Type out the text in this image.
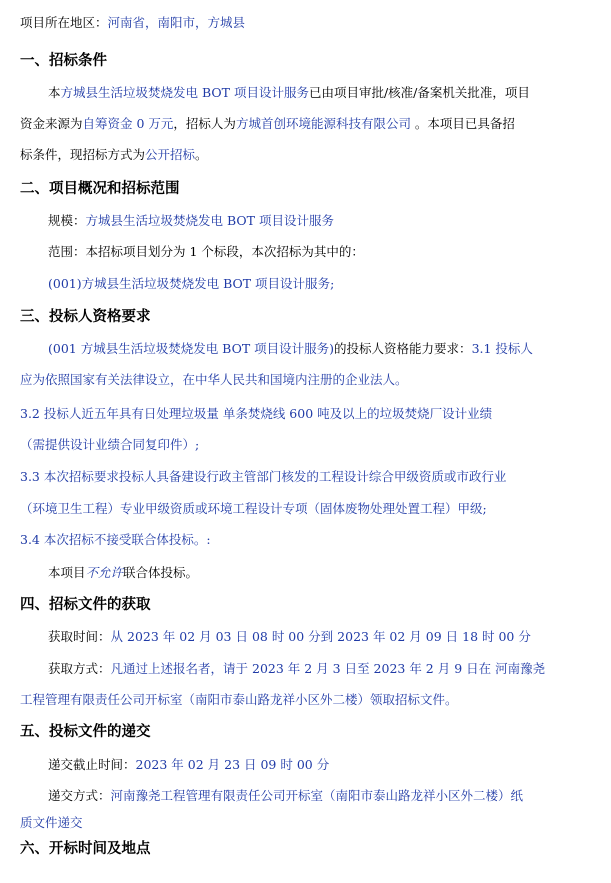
项目所在地区：河南省，南阳市，方城县
一、招标条件
本方城县生活垃圾焚烧发电 BOT 项目设计服务已由项目审批/核准/备案机关批准，项目
资金来源为自筹资金 0 万元，招标人为方城首创环境能源科技有限公司 。本项目已具备招
标条件，现招标方式为公开招标。
二、项目概况和招标范围
规模：方城县生活垃圾焚烧发电 BOT 项目设计服务
范围：本招标项目划分为 1 个标段，本次招标为其中的：
(001)方城县生活垃圾焚烧发电 BOT 项目设计服务;
三、投标人资格要求
(001 方城县生活垃圾焚烧发电 BOT 项目设计服务)的投标人资格能力要求：3.1 投标人
应为依照国家有关法律设立，在中华人民共和国境内注册的企业法人。
3.2 投标人近五年具有日处理垃圾量 单条焚烧线 600 吨及以上的垃圾焚烧厂设计业绩
（需提供设计业绩合同复印件）;
3.3 本次招标要求投标人具备建设行政主管部门核发的工程设计综合甲级资质或市政行业
（环境卫生工程）专业甲级资质或环境工程设计专项（固体废物处理处置工程）甲级;
3.4 本次招标不接受联合体投标。:
本项目不允许联合体投标。
四、招标文件的获取
获取时间：从 2023 年 02 月 03 日 08 时 00 分到 2023 年 02 月 09 日 18 时 00 分
获取方式：凡通过上述报名者，请于 2023 年 2 月 3 日至 2023 年 2 月 9 日在 河南豫尧
工程管理有限责任公司开标室（南阳市泰山路龙祥小区外二楼）领取招标文件。
五、投标文件的递交
递交截止时间：2023 年 02 月 23 日 09 时 00 分
递交方式：河南豫尧工程管理有限责任公司开标室（南阳市泰山路龙祥小区外二楼）纸
质文件递交
六、开标时间及地点
